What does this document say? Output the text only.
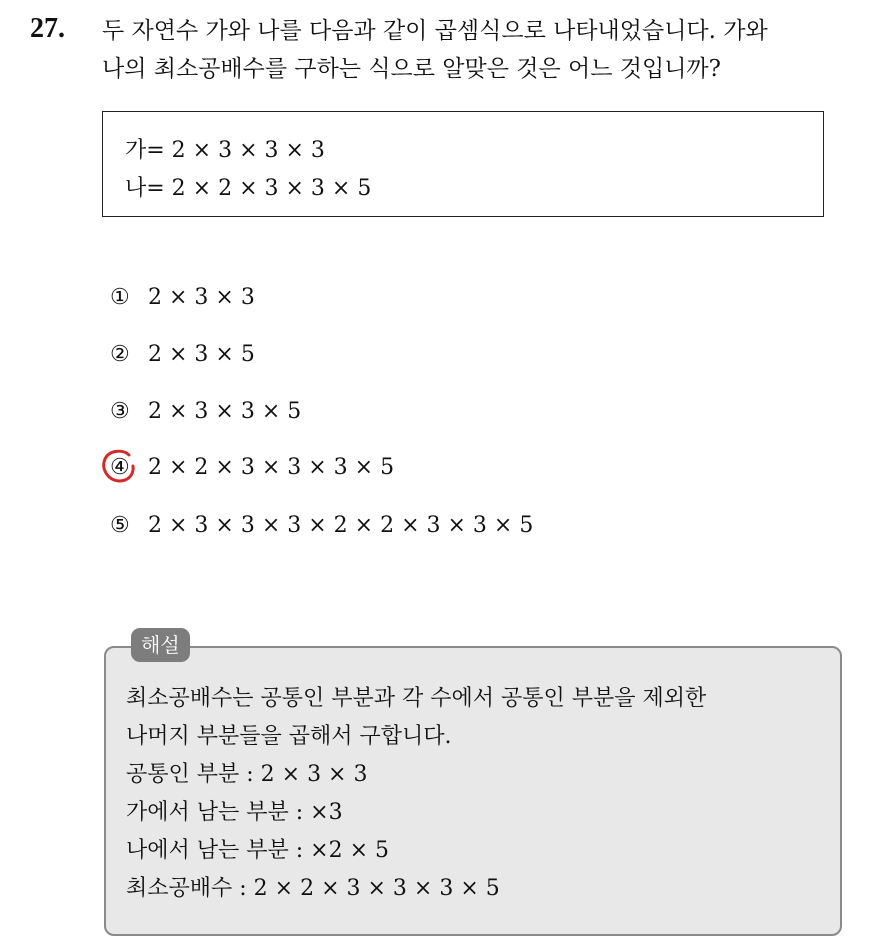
27. 두 자연수 가와 나를 다음과 같이 곱셈식으로 나타내었습니다. 가와
나의 최소공배수를 구하는 식으로 알맞은 것은 어느 것입니까?
가= 2 × 3 × 3 × 3
나= 2 × 2 × 3 × 3 × 5
① 2 × 3 × 3
② 2 × 3 × 5
③ 2 × 3 × 3 × 5
④ 2 × 2 × 3 × 3 × 3 × 5
⑤ 2 × 3 × 3 × 3 × 2 × 2 × 3 × 3 × 5
해설
최소공배수는 공통인 부분과 각 수에서 공통인 부분을 제외한
나머지 부분들을 곱해서 구합니다.
공통인 부분 : 2 × 3 × 3
가에서 남는 부분 : ×3
나에서 남는 부분 : ×2 × 5
최소공배수 : 2 × 2 × 3 × 3 × 3 × 5
